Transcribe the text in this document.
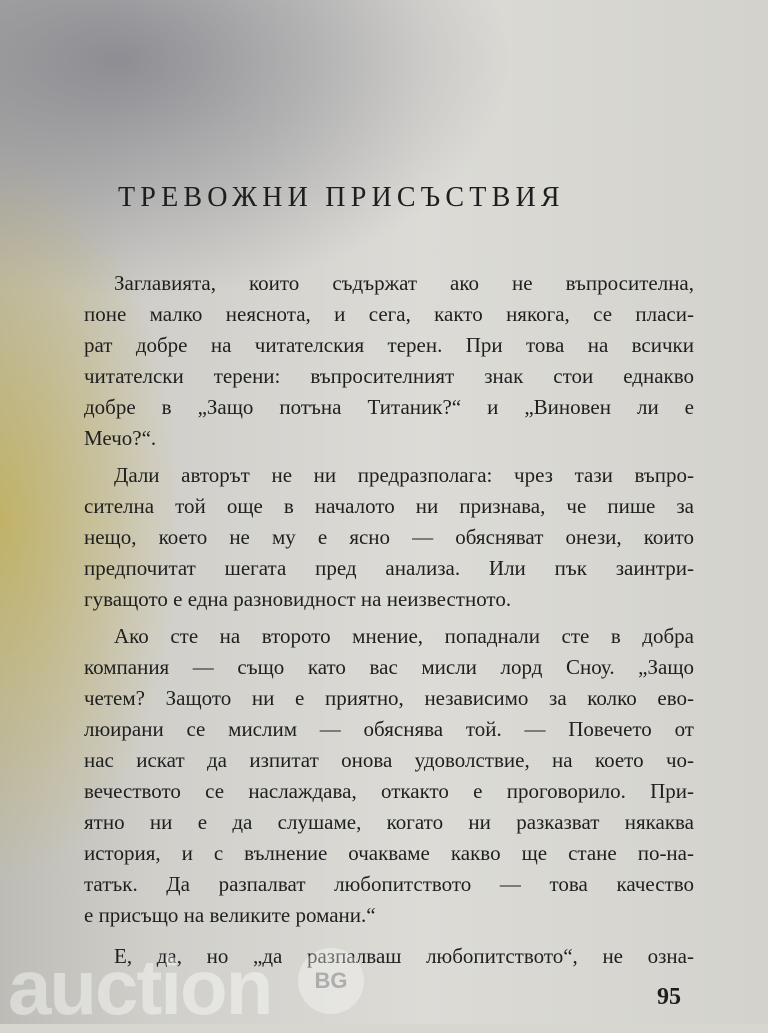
ТРЕВОЖНИ ПРИСЪСТВИЯ
Заглавията, които съдържат ако не въпросителна,
поне малко неяснота, и сега, както някога, се пласи-
рат добре на читателския терен. При това на всички
читателски терени: въпросителният знак стои еднакво
добре в „Защо потъна Титаник?“ и „Виновен ли е
Мечо?“.
Дали авторът не ни предразполага: чрез тази въпро-
сителна той още в началото ни признава, че пише за
нещо, което не му е ясно — обясняват онези, които
предпочитат шегата пред анализа. Или пък заинтри-
гуващото е една разновидност на неизвестното.
Ако сте на второто мнение, попаднали сте в добра
компания — също като вас мисли лорд Сноу. „Защо
четем? Защото ни е приятно, независимо за колко ево-
люирани се мислим — обяснява той. — Повечето от
нас искат да изпитат онова удоволствие, на което чо-
вечеството се наслаждава, откакто е проговорило. При-
ятно ни е да слушаме, когато ни разказват някаква
история, и с вълнение очакваме какво ще стане по-на-
татък. Да разпалват любопитството — това качество
е присъщо на великите романи.“
Е, да, но „да разпалваш любопитството“, не озна-
95
auction	BG
